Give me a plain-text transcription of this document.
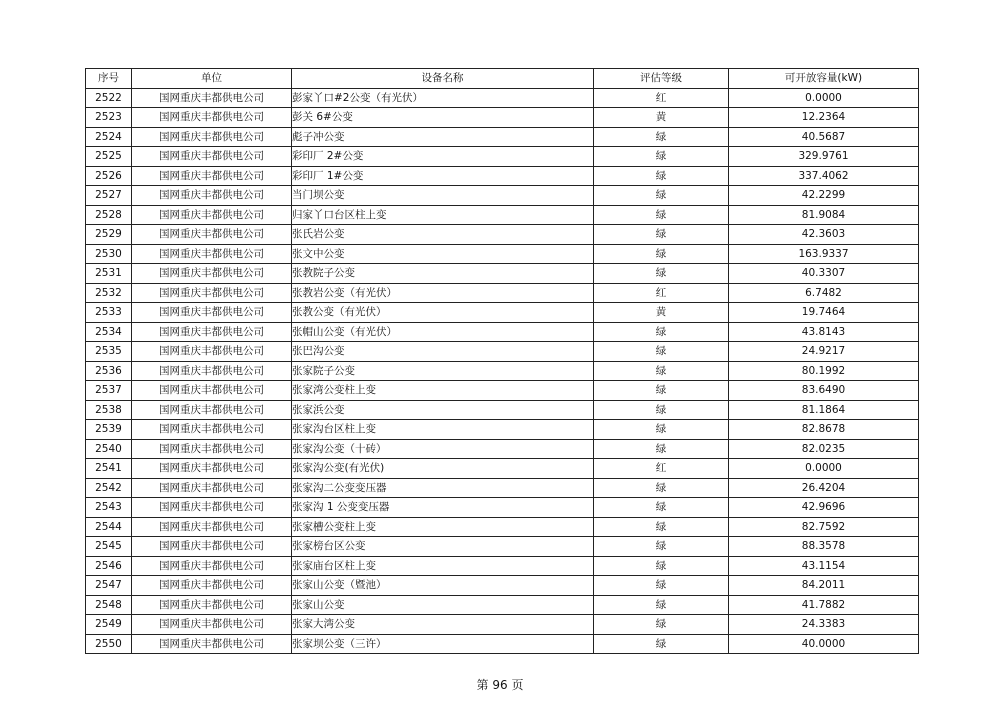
序号	单位	设备名称	评估等级	可开放容量(kW)
2522	国网重庆丰都供电公司	彭家丫口#2公变（有光伏）	红	0.0000
2523	国网重庆丰都供电公司	彭关 6#公变	黄	12.2364
2524	国网重庆丰都供电公司	彪子冲公变	绿	40.5687
2525	国网重庆丰都供电公司	彩印厂 2#公变	绿	329.9761
2526	国网重庆丰都供电公司	彩印厂 1#公变	绿	337.4062
2527	国网重庆丰都供电公司	当门坝公变	绿	42.2299
2528	国网重庆丰都供电公司	归家丫口台区柱上变	绿	81.9084
2529	国网重庆丰都供电公司	张氏岩公变	绿	42.3603
2530	国网重庆丰都供电公司	张文中公变	绿	163.9337
2531	国网重庆丰都供电公司	张教院子公变	绿	40.3307
2532	国网重庆丰都供电公司	张教岩公变（有光伏）	红	6.7482
2533	国网重庆丰都供电公司	张教公变（有光伏）	黄	19.7464
2534	国网重庆丰都供电公司	张帽山公变（有光伏）	绿	43.8143
2535	国网重庆丰都供电公司	张巴沟公变	绿	24.9217
2536	国网重庆丰都供电公司	张家院子公变	绿	80.1992
2537	国网重庆丰都供电公司	张家湾公变柱上变	绿	83.6490
2538	国网重庆丰都供电公司	张家浜公变	绿	81.1864
2539	国网重庆丰都供电公司	张家沟台区柱上变	绿	82.8678
2540	国网重庆丰都供电公司	张家沟公变（十砖）	绿	82.0235
2541	国网重庆丰都供电公司	张家沟公变(有光伏)	红	0.0000
2542	国网重庆丰都供电公司	张家沟二公变变压器	绿	26.4204
2543	国网重庆丰都供电公司	张家沟 1 公变变压器	绿	42.9696
2544	国网重庆丰都供电公司	张家槽公变柱上变	绿	82.7592
2545	国网重庆丰都供电公司	张家榜台区公变	绿	88.3578
2546	国网重庆丰都供电公司	张家庙台区柱上变	绿	43.1154
2547	国网重庆丰都供电公司	张家山公变（暨池）	绿	84.2011
2548	国网重庆丰都供电公司	张家山公变	绿	41.7882
2549	国网重庆丰都供电公司	张家大湾公变	绿	24.3383
2550	国网重庆丰都供电公司	张家坝公变（三许）	绿	40.0000
第 96 页
